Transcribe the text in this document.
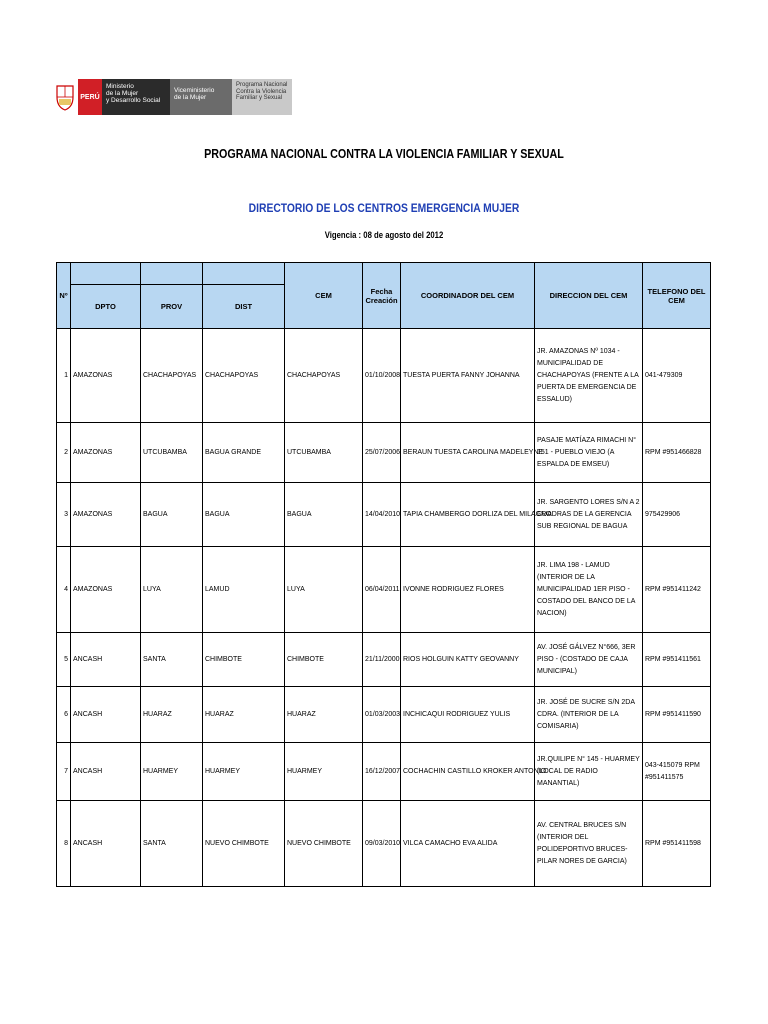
PERÚ
Ministerio
de la Mujer
y Desarrollo Social
Viceministerio
de la Mujer
Programa Nacional
Contra la Violencia
Familiar y Sexual
PROGRAMA NACIONAL CONTRA LA VIOLENCIA FAMILIAR Y SEXUAL
DIRECTORIO DE LOS CENTROS EMERGENCIA MUJER
Vigencia : 08 de agosto del 2012
Nº				CEM	Fecha Creación	COORDINADOR DEL CEM	DIRECCION DEL CEM	TELEFONO DEL CEM
	DPTO	PROV	DIST					
1	AMAZONAS	CHACHAPOYAS	CHACHAPOYAS	CHACHAPOYAS	01/10/2008	TUESTA PUERTA FANNY JOHANNA	JR. AMAZONAS Nº 1034 - MUNICIPALIDAD DE CHACHAPOYAS (FRENTE A LA PUERTA DE EMERGENCIA DE ESSALUD)	041-479309
2	AMAZONAS	UTCUBAMBA	BAGUA GRANDE	UTCUBAMBA	25/07/2006	BERAUN TUESTA CAROLINA MADELEYNE	PASAJE MATÍAZA RIMACHI N° 151 - PUEBLO VIEJO (A ESPALDA DE EMSEU)	RPM #951466828
3	AMAZONAS	BAGUA	BAGUA	BAGUA	14/04/2010	TAPIA CHAMBERGO DORLIZA DEL MILAGRO	JR. SARGENTO LORES S/N A 2 CUADRAS DE LA GERENCIA SUB REGIONAL DE BAGUA	975429906
4	AMAZONAS	LUYA	LAMUD	LUYA	06/04/2011	IVONNE RODRIGUEZ FLORES	JR. LIMA 198 - LAMUD (INTERIOR DE LA MUNICIPALIDAD 1ER PISO - COSTADO DEL BANCO DE LA NACION)	RPM #951411242
5	ANCASH	SANTA	CHIMBOTE	CHIMBOTE	21/11/2000	RIOS HOLGUIN KATTY GEOVANNY	AV. JOSÉ GÁLVEZ N°666, 3ER PISO - (COSTADO DE CAJA MUNICIPAL)	RPM #951411561
6	ANCASH	HUARAZ	HUARAZ	HUARAZ	01/03/2003	INCHICAQUI RODRIGUEZ YULIS	JR. JOSÉ DE SUCRE S/N 2DA CDRA. (INTERIOR DE LA COMISARIA)	RPM #951411590
7	ANCASH	HUARMEY	HUARMEY	HUARMEY	16/12/2007	COCHACHIN CASTILLO KROKER ANTONIO	JR.QUILIPE N° 145 - HUARMEY (LOCAL DE RADIO MANANTIAL)	043-415079 RPM #951411575
8	ANCASH	SANTA	NUEVO CHIMBOTE	NUEVO CHIMBOTE	09/03/2010	VILCA CAMACHO EVA ALIDA	AV. CENTRAL BRUCES S/N (INTERIOR DEL POLIDEPORTIVO BRUCES-PILAR NORES DE GARCIA)	RPM #951411598
